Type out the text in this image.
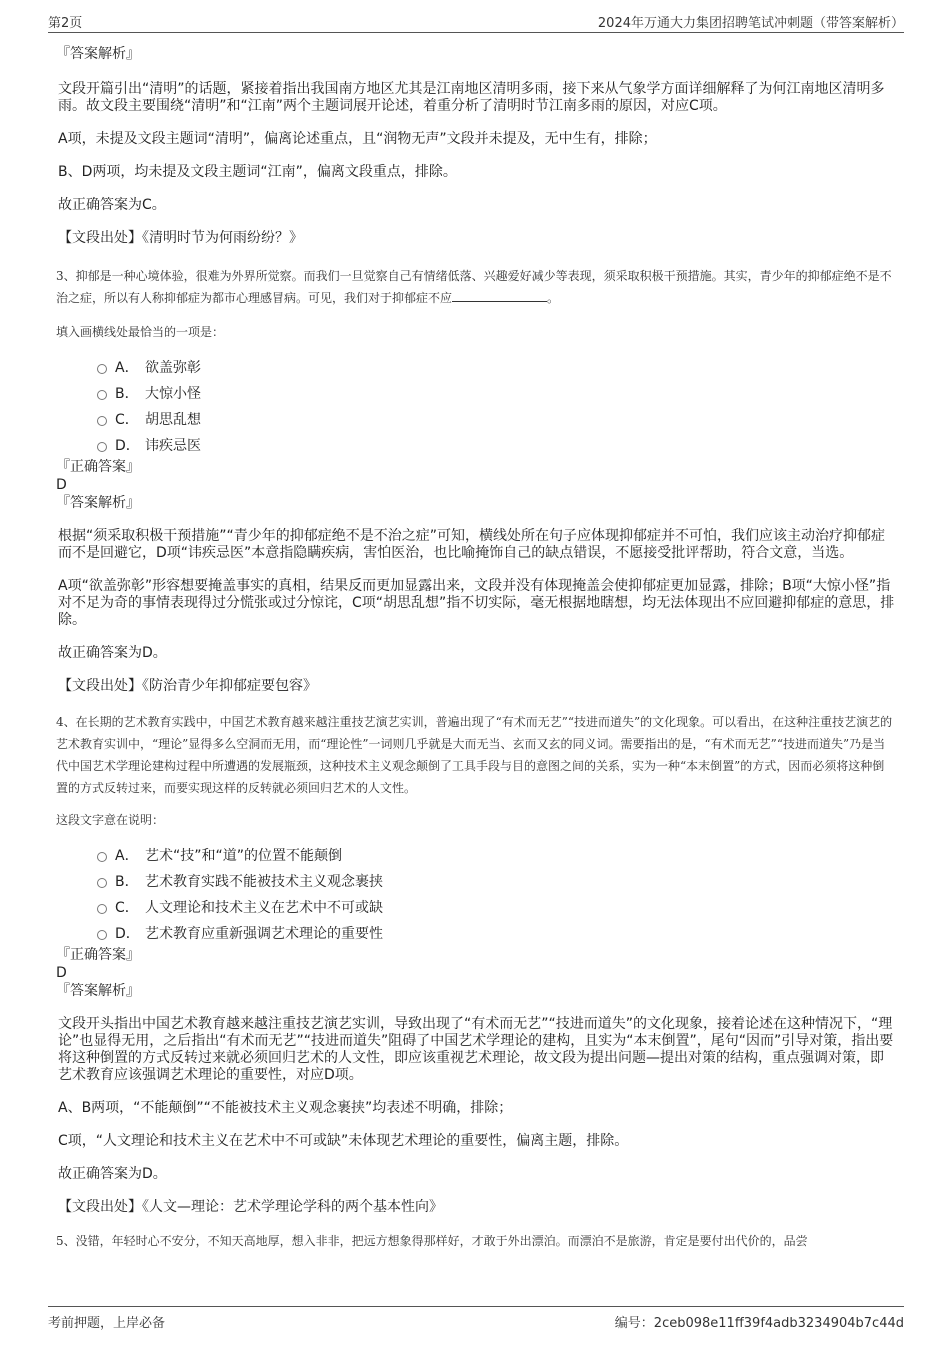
第2页	2024年万通大力集团招聘笔试冲刺题（带答案解析）

『答案解析』

文段开篇引出“清明”的话题，紧接着指出我国南方地区尤其是江南地区清明多雨，接下来从气象学方面详细解释了为何江南地区清明多雨。故文段主要围绕“清明”和“江南”两个主题词展开论述，着重分析了清明时节江南多雨的原因，对应C项。

A项，未提及文段主题词“清明”，偏离论述重点，且“润物无声”文段并未提及，无中生有，排除；

B、D两项，均未提及文段主题词“江南”，偏离文段重点，排除。

故正确答案为C。

【文段出处】《清明时节为何雨纷纷？》

3、抑郁是一种心境体验，很难为外界所觉察。而我们一旦觉察自己有情绪低落、兴趣爱好减少等表现，须采取积极干预措施。其实，青少年的抑郁症绝不是不治之症，所以有人称抑郁症为都市心理感冒病。可见，我们对于抑郁症不应	。

填入画横线处最恰当的一项是：

A． 欲盖弥彰
B． 大惊小怪
C． 胡思乱想
D． 讳疾忌医

『正确答案』

D

『答案解析』

根据“须采取积极干预措施”“青少年的抑郁症绝不是不治之症”可知，横线处所在句子应体现抑郁症并不可怕，我们应该主动治疗抑郁症而不是回避它，D项“讳疾忌医”本意指隐瞒疾病，害怕医治，也比喻掩饰自己的缺点错误，不愿接受批评帮助，符合文意，当选。

A项“欲盖弥彰”形容想要掩盖事实的真相，结果反而更加显露出来，文段并没有体现掩盖会使抑郁症更加显露，排除；B项“大惊小怪”指对不足为奇的事情表现得过分慌张或过分惊诧，C项“胡思乱想”指不切实际，毫无根据地瞎想，均无法体现出不应回避抑郁症的意思，排除。

故正确答案为D。

【文段出处】《防治青少年抑郁症要包容》

4、在长期的艺术教育实践中，中国艺术教育越来越注重技艺演艺实训，普遍出现了“有术而无艺”“技进而道失”的文化现象。可以看出，在这种注重技艺演艺的艺术教育实训中，“理论”显得多么空洞而无用，而“理论性”一词则几乎就是大而无当、玄而又玄的同义词。需要指出的是，“有术而无艺”“技进而道失”乃是当代中国艺术学理论建构过程中所遭遇的发展瓶颈，这种技术主义观念颠倒了工具手段与目的意图之间的关系，实为一种“本末倒置”的方式，因而必须将这种倒置的方式反转过来，而要实现这样的反转就必须回归艺术的人文性。

这段文字意在说明：

A． 艺术“技”和“道”的位置不能颠倒
B． 艺术教育实践不能被技术主义观念裹挟
C． 人文理论和技术主义在艺术中不可或缺
D． 艺术教育应重新强调艺术理论的重要性

『正确答案』

D

『答案解析』

文段开头指出中国艺术教育越来越注重技艺演艺实训，导致出现了“有术而无艺”“技进而道失”的文化现象，接着论述在这种情况下，“理论”也显得无用，之后指出“有术而无艺”“技进而道失”阻碍了中国艺术学理论的建构，且实为“本末倒置”，尾句“因而”引导对策，指出要将这种倒置的方式反转过来就必须回归艺术的人文性，即应该重视艺术理论，故文段为提出问题—提出对策的结构，重点强调对策，即艺术教育应该强调艺术理论的重要性，对应D项。

A、B两项，“不能颠倒”“不能被技术主义观念裹挟”均表述不明确，排除；

C项，“人文理论和技术主义在艺术中不可或缺”未体现艺术理论的重要性，偏离主题，排除。

故正确答案为D。

【文段出处】《人文—理论：艺术学理论学科的两个基本性向》

5、没错，年轻时心不安分，不知天高地厚，想入非非，把远方想象得那样好，才敢于外出漂泊。而漂泊不是旅游，肯定是要付出代价的，品尝

考前押题，上岸必备	编号：2ceb098e11ff39f4adb3234904b7c44d
